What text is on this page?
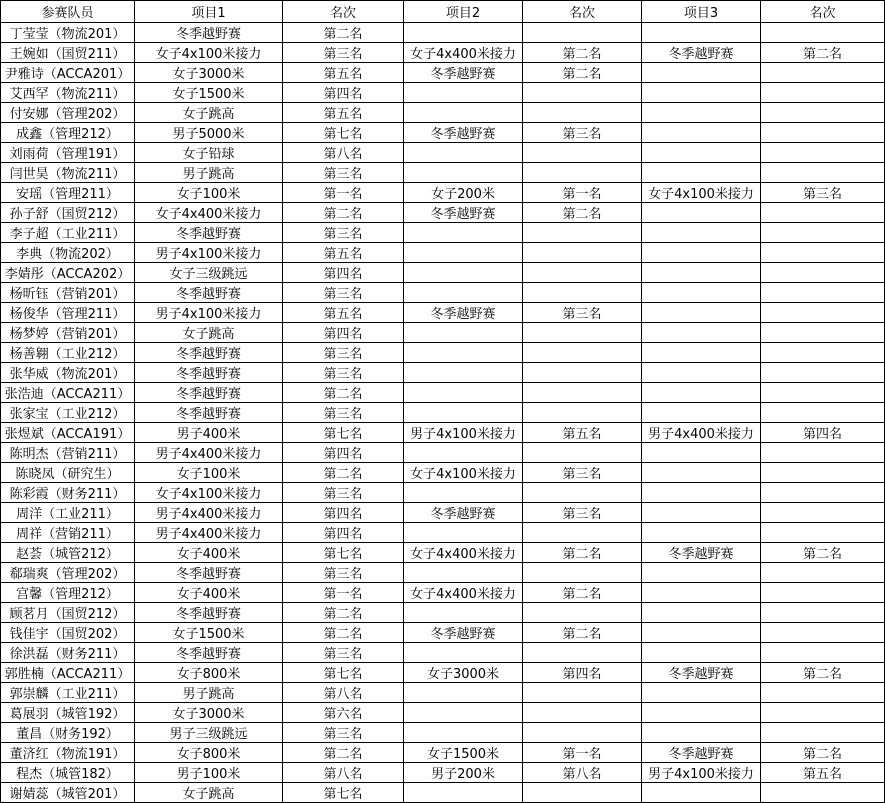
参赛队员	项目1	名次	项目2	名次	项目3	名次
丁莹莹（物流201）	冬季越野赛	第二名				
王婉如（国贸211）	女子4x100米接力	第三名	女子4x400米接力	第二名	冬季越野赛	第二名
尹雅诗（ACCA201）	女子3000米	第五名	冬季越野赛	第二名		
艾西罕（物流211）	女子1500米	第四名				
付安娜（管理202）	女子跳高	第五名				
成鑫（管理212）	男子5000米	第七名	冬季越野赛	第三名		
刘雨荷（管理191）	女子铅球	第八名				
闫世昊（物流211）	男子跳高	第三名				
安瑶（管理211）	女子100米	第一名	女子200米	第一名	女子4x100米接力	第三名
孙子舒（国贸212）	女子4x400米接力	第二名	冬季越野赛	第二名		
李子超（工业211）	冬季越野赛	第三名				
李典（物流202）	男子4x100米接力	第五名				
李婧彤（ACCA202）	女子三级跳远	第四名				
杨昕钰（营销201）	冬季越野赛	第三名				
杨俊华（管理211）	男子4x100米接力	第五名	冬季越野赛	第三名		
杨梦婷（营销201）	女子跳高	第四名				
杨善翱（工业212）	冬季越野赛	第三名				
张华威（物流201）	冬季越野赛	第三名				
张浩迪（ACCA211）	冬季越野赛	第二名				
张家宝（工业212）	冬季越野赛	第三名				
张煜斌（ACCA191）	男子400米	第七名	男子4x100米接力	第五名	男子4x400米接力	第四名
陈明杰（营销211）	男子4x400米接力	第四名				
陈晓凤（研究生）	女子100米	第二名	女子4x100米接力	第三名		
陈彩霞（财务211）	女子4x100米接力	第三名				
周洋（工业211）	男子4x400米接力	第四名	冬季越野赛	第三名		
周祥（营销211）	男子4x400米接力	第四名				
赵荟（城管212）	女子400米	第七名	女子4x400米接力	第二名	冬季越野赛	第二名
郗瑞爽（管理202）	冬季越野赛	第三名				
宫馨（管理212）	女子400米	第一名	女子4x400米接力	第二名		
顾茗月（国贸212）	冬季越野赛	第二名				
钱佳宇（国贸202）	女子1500米	第二名	冬季越野赛	第二名		
徐洪磊（财务211）	冬季越野赛	第三名				
郭胜楠（ACCA211）	女子800米	第七名	女子3000米	第四名	冬季越野赛	第二名
郭崇麟（工业211）	男子跳高	第八名				
葛展羽（城管192）	女子3000米	第六名				
董昌（财务192）	男子三级跳远	第三名				
董济红（物流191）	女子800米	第二名	女子1500米	第一名	冬季越野赛	第二名
程杰（城管182）	男子100米	第八名	男子200米	第八名	男子4x100米接力	第五名
谢婧蕊（城管201）	女子跳高	第七名				
